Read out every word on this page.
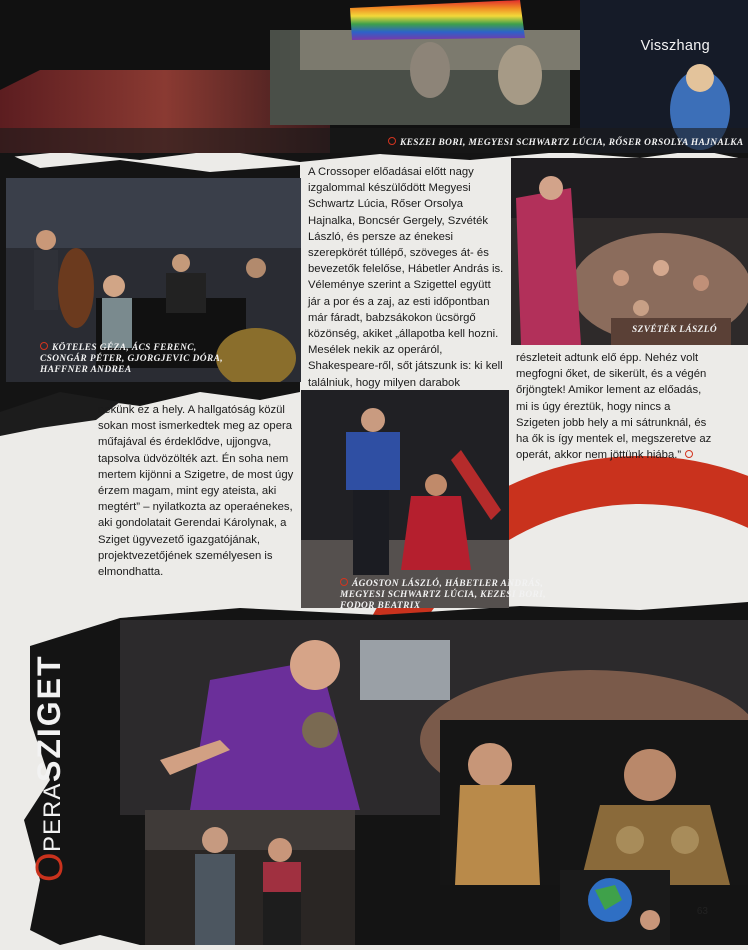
Visszhang
KESZEI BORI, MEGYESI SCHWARTZ LÚCIA, RŐSER ORSOLYA HAJNALKA
KÖTELES GÉZA, ÁCS FERENC, CSONGÁR PÉTER, GJORGJEVIC DÓRA, HAFFNER ANDREA

A Crossoper előadásai előtt nagy izgalommal készülődött Megyesi Schwartz Lúcia, Rőser Orsolya Hajnalka, Boncsér Gergely, Szvéték László, és persze az énekesi szerepkörét túllépő, szöveges át- és bevezetők felelőse, Hábetler András is. Véleménye szerint a Szigettel együtt jár a por és a zaj, az esti időpontban már fáradt, babzsákokon ücsörgő közönség, akiket „állapotba kell hozni. Mesélek nekik az operáról, Shakespeare-ről, sőt játszunk is: ki kell találniuk, hogy milyen darabok

SZVÉTÉK LÁSZLÓ

részleteit adtunk elő épp. Nehéz volt megfogni őket, de sikerült, és a végén őrjöngtek! Amikor lement az előadás, mi is úgy éreztük, hogy nincs a Szigeten jobb hely a mi sátrunknál, és ha ők is így mentek el, megszeretve az operát, akkor nem jöttünk hiába.”

nekünk ez a hely. A hallgatóság közül sokan most ismerkedtek meg az opera műfajával és érdeklődve, ujjongva, tapsolva üdvözölték azt. Én soha nem mertem kijönni a Szigetre, de most úgy érzem magam, mint egy ateista, aki megtért” – nyilatkozta az operaénekes, aki gondolatait Gerendai Károlynak, a Sziget ügyvezető igazgatójának, projektvezetőjének személyesen is elmondhatta.

ÁGOSTON LÁSZLÓ, HÁBETLER ANDRÁS, MEGYESI SCHWARTZ LÚCIA, KEZESI BORI, FODOR BEATRIX
O
PERA
SZIGET
63
